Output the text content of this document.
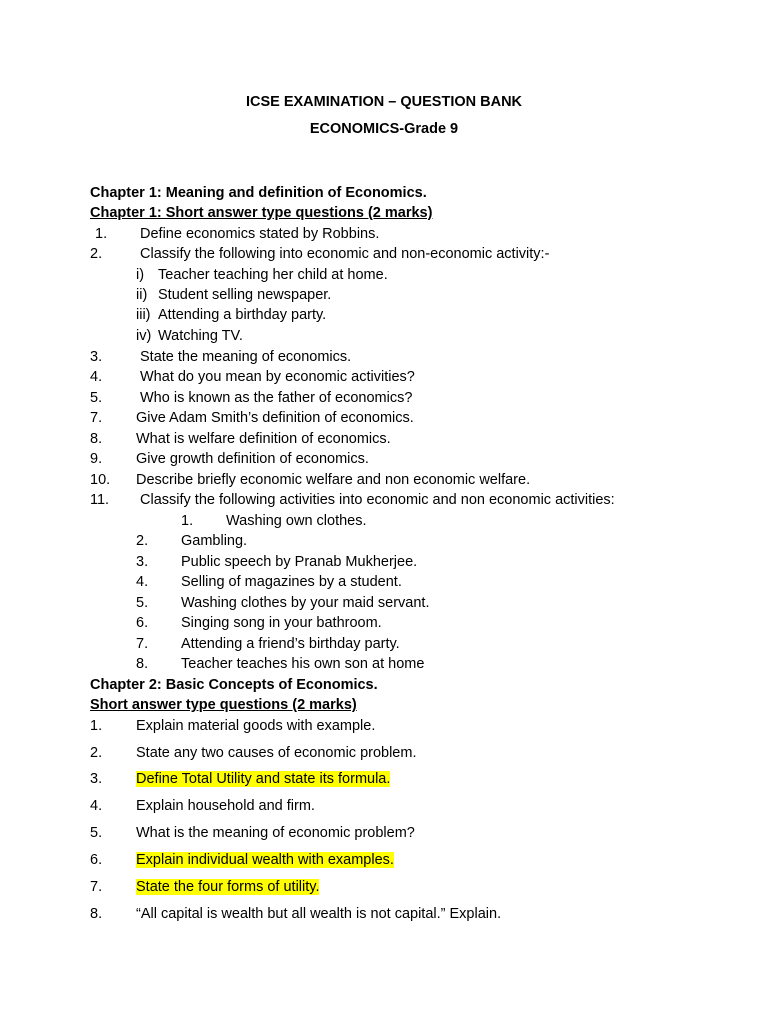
ICSE EXAMINATION – QUESTION BANK
ECONOMICS-Grade 9
Chapter 1: Meaning and definition of Economics.
Chapter 1: Short answer type questions (2 marks)
1. Define economics stated by Robbins.
2.	Classify the following into economic and non-economic activity:-
i) Teacher teaching her child at home.
ii) Student selling newspaper.
iii) Attending a birthday party.
iv) Watching TV.
3.	State the meaning of economics.
4.	What do you mean by economic activities?
5.	Who is known as the father of economics?
7. Give Adam Smith’s definition of economics.
8. What is welfare definition of economics.
9. Give growth definition of economics.
10. Describe briefly economic welfare and non economic welfare.
11. Classify the following activities into economic and non economic activities:
1. Washing own clothes.
2. Gambling.
3. Public speech by Pranab Mukherjee.
4. Selling of magazines by a student.
5. Washing clothes by your maid servant.
6. Singing song in your bathroom.
7. Attending a friend’s birthday party.
8. Teacher teaches his own son at home
Chapter 2: Basic Concepts of Economics.
Short answer type questions (2 marks)
1. Explain material goods with example.
2. State any two causes of economic problem.
3. Define Total Utility and state its formula.
4. Explain household and firm.
5. What is the meaning of economic problem?
6. Explain individual wealth with examples.
7. State the four forms of utility.
8. “All capital is wealth but all wealth is not capital.” Explain.
